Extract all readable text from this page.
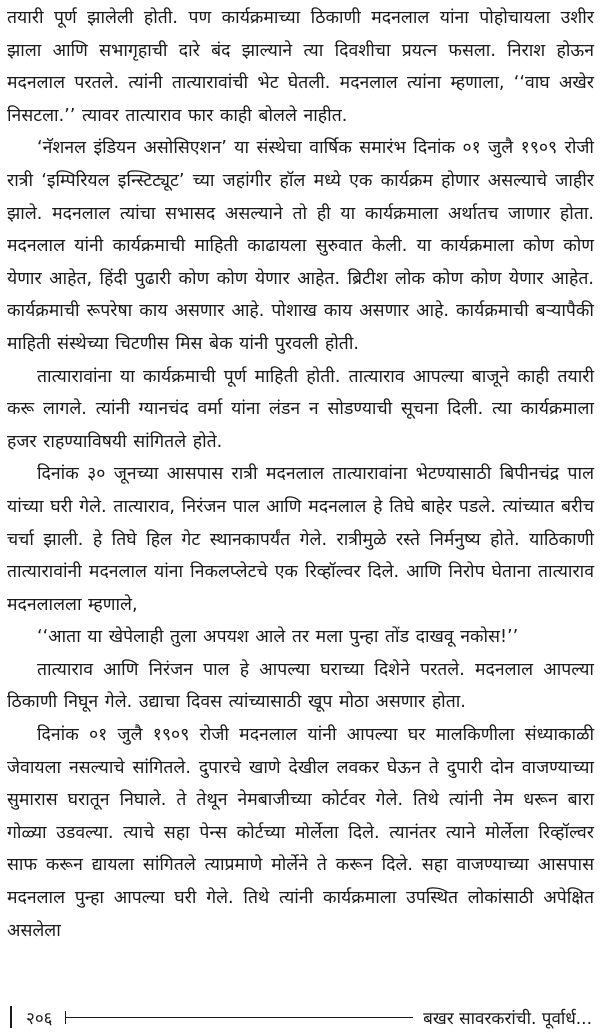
तयारी पूर्ण झालेली होती. पण कार्यक्रमाच्या ठिकाणी मदनलाल यांना पोहोचायला उशीर झाला आणि सभागृहाची दारे बंद झाल्याने त्या दिवशीचा प्रयत्न फसला. निराश होऊन मदनलाल परतले. त्यांनी तात्यारावांची भेट घेतली. मदनलाल त्यांना म्हणाला, ‘‘वाघ अखेर निसटला.’’ त्यावर तात्याराव फार काही बोलले नाहीत.

‘नॅशनल इंडियन असोसिएशन’ या संस्थेचा वार्षिक समारंभ दिनांक ०१ जुलै १९०९ रोजी रात्री ‘इम्पिरियल इन्स्टिट्यूट’ च्या जहांगीर हॉल मध्ये एक कार्यक्रम होणार असल्याचे जाहीर झाले. मदनलाल त्यांचा सभासद असल्याने तो ही या कार्यक्रमाला अर्थातच जाणार होता. मदनलाल यांनी कार्यक्रमाची माहिती काढायला सुरुवात केली. या कार्यक्रमाला कोण कोण येणार आहेत, हिंदी पुढारी कोण कोण येणार आहेत. ब्रिटीश लोक कोण कोण येणार आहेत. कार्यक्रमाची रूपरेषा काय असणार आहे. पोशाख काय असणार आहे. कार्यक्रमाची बऱ्यापैकी माहिती संस्थेच्या चिटणीस मिस बेक यांनी पुरवली होती.

तात्यारावांना या कार्यक्रमाची पूर्ण माहिती होती. तात्याराव आपल्या बाजूने काही तयारी करू लागले. त्यांनी ग्यानचंद वर्मा यांना लंडन न सोडण्याची सूचना दिली. त्या कार्यक्रमाला हजर राहण्याविषयी सांगितले होते.

दिनांक ३० जूनच्या आसपास रात्री मदनलाल तात्यारावांना भेटण्यासाठी बिपीनचंद्र पाल यांच्या घरी गेले. तात्याराव, निरंजन पाल आणि मदनलाल हे तिघे बाहेर पडले. त्यांच्यात बरीच चर्चा झाली. हे तिघे हिल गेट स्थानकापर्यंत गेले. रात्रीमुळे रस्ते निर्मनुष्य होते. याठिकाणी तात्यारावांनी मदनलाल यांना निकलप्लेटचे एक रिव्हॉल्वर दिले. आणि निरोप घेताना तात्याराव मदनलालला म्हणाले,

‘‘आता या खेपेलाही तुला अपयश आले तर मला पुन्हा तोंड दाखवू नकोस!’’

तात्याराव आणि निरंजन पाल हे आपल्या घराच्या दिशेने परतले. मदनलाल आपल्या ठिकाणी निघून गेले. उद्याचा दिवस त्यांच्यासाठी खूप मोठा असणार होता.

दिनांक ०१ जुलै १९०९ रोजी मदनलाल यांनी आपल्या घर मालकिणीला संध्याकाळी जेवायला नसल्याचे सांगितले. दुपारचे खाणे देखील लवकर घेऊन ते दुपारी दोन वाजण्याच्या सुमारास घरातून निघाले. ते तेथून नेमबाजीच्या कोर्टवर गेले. तिथे त्यांनी नेम धरून बारा गोळ्या उडवल्या. त्याचे सहा पेन्स कोर्टच्या मोर्लेला दिले. त्यानंतर त्याने मोर्लेला रिव्हॉल्वर साफ करून द्यायला सांगितले त्याप्रमाणे मोर्लेने ते करून दिले. सहा वाजण्याच्या आसपास मदनलाल पुन्हा आपल्या घरी गेले. तिथे त्यांनी कार्यक्रमाला उपस्थित लोकांसाठी अपेक्षित असलेला

२०६	बखर सावरकरांची. पूर्वार्ध...
